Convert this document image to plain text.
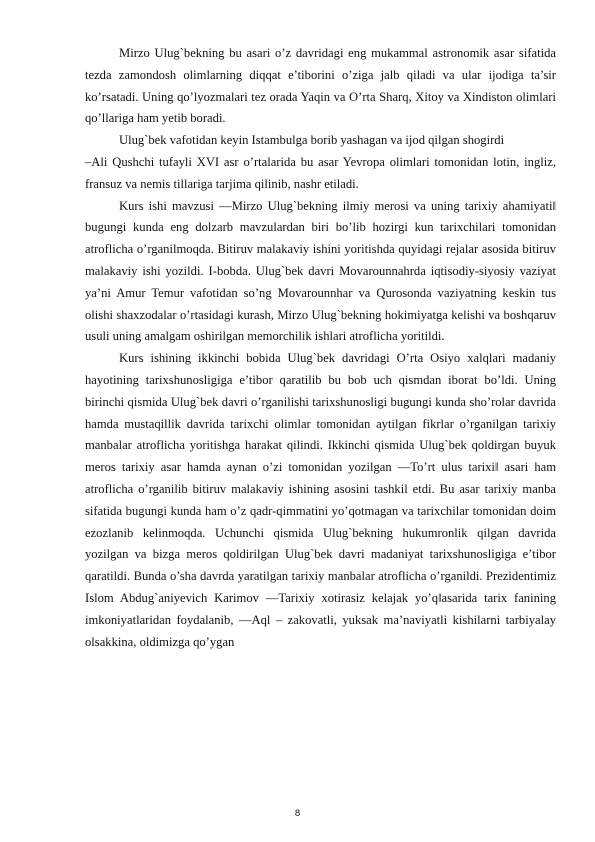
Mirzo Ulug`bekning bu asari o’z davridagi eng mukammal astronomik asar sifatida tezda zamondosh olimlarning diqqat e’tiborini o’ziga jalb qiladi va ular ijodiga ta’sir ko’rsatadi. Uning qo’lyozmalari tez orada Yaqin va O’rta Sharq, Xitoy va Xindiston olimlari qo’llariga ham yetib boradi.

Ulug`bek vafotidan keyin Istambulga borib yashagan va ijod qilgan shogirdi

–Ali Qushchi tufayli XVI asr o’rtalarida bu asar Yevropa olimlari tomonidan lotin, ingliz, fransuz va nemis tillariga tarjima qilinib, nashr etiladi.

Kurs ishi mavzusi ―Mirzo Ulug`bekning ilmiy merosi va uning tarixiy ahamiyati‖ bugungi kunda eng dolzarb mavzulardan biri bo’lib hozirgi kun tarixchilari tomonidan atroflicha o’rganilmoqda. Bitiruv malakaviy ishini yoritishda quyidagi rejalar asosida bitiruv malakaviy ishi yozildi. I-bobda. Ulug`bek davri Movarounnahrda iqtisodiy-siyosiy vaziyat ya’ni Amur Temur vafotidan so’ng Movarounnhar va Qurosonda vaziyatning keskin tus olishi shaxzodalar o’rtasidagi kurash, Mirzo Ulug`bekning hokimiyatga kelishi va boshqaruv usuli uning amalgam oshirilgan memorchilik ishlari atroflicha yoritildi.

Kurs ishining ikkinchi bobida Ulug`bek davridagi O’rta Osiyo xalqlari madaniy hayotining tarixshunosligiga e’tibor qaratilib bu bob uch qismdan iborat bo’ldi. Uning birinchi qismida Ulug`bek davri o’rganilishi tarixshunosligi bugungi kunda sho’rolar davrida hamda mustaqillik davrida tarixchi olimlar tomonidan aytilgan fikrlar o’rganilgan tarixiy manbalar atroflicha yoritishga harakat qilindi. Ikkinchi qismida Ulug`bek qoldirgan buyuk meros tarixiy asar hamda aynan o’zi tomonidan yozilgan ―To’rt ulus tarixi‖ asari ham atroflicha o’rganilib bitiruv malakaviy ishining asosini tashkil etdi. Bu asar tarixiy manba sifatida bugungi kunda ham o’z qadr-qimmatini yo’qotmagan va tarixchilar tomonidan doim ezozlanib kelinmoqda. Uchunchi qismida Ulug`bekning hukumronlik qilgan davrida yozilgan va bizga meros qoldirilgan Ulug`bek davri madaniyat tarixshunosligiga e’tibor qaratildi. Bunda o’sha davrda yaratilgan tarixiy manbalar atroflicha o’rganildi. Prezidentimiz Islom Abdug`aniyevich Karimov ―Tarixiy xotirasiz kelajak yo’q‖asarida tarix fanining imkoniyatlaridan foydalanib, ―Aql – zakovatli, yuksak ma’naviyatli kishilarni tarbiyalay olsakkina, oldimizga qo’ygan

8
